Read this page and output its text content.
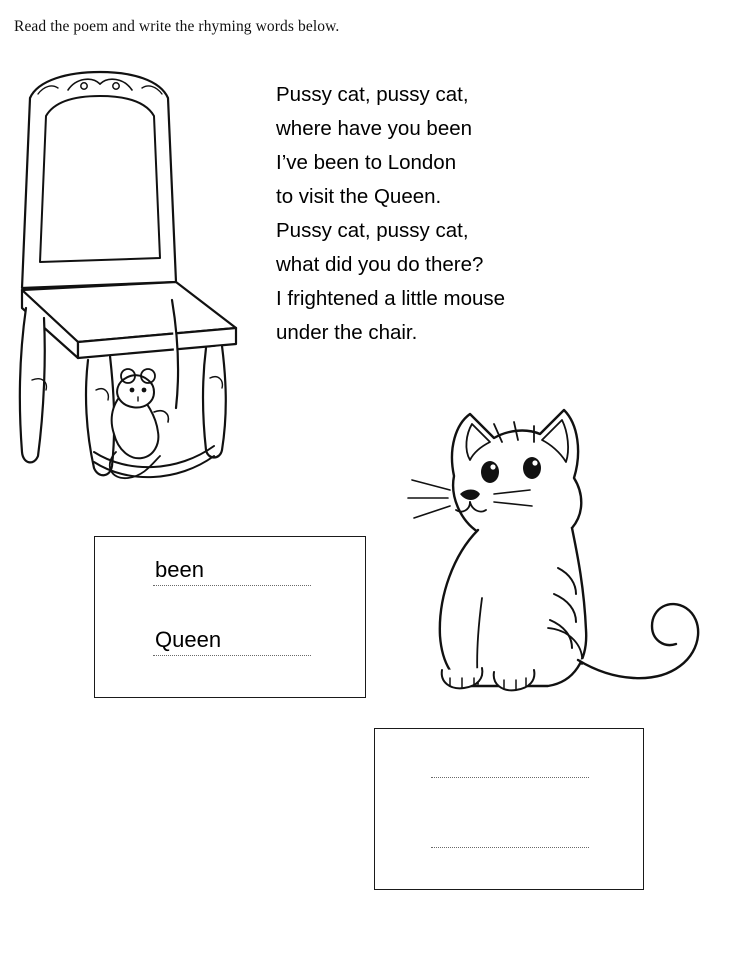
Read the poem and write the rhyming words below.
Pussy cat, pussy cat,
where have you been
I’ve been to London
to visit the Queen.
Pussy cat, pussy cat,
what did you do there?
I frightened a little mouse
under the chair.
been
Queen
